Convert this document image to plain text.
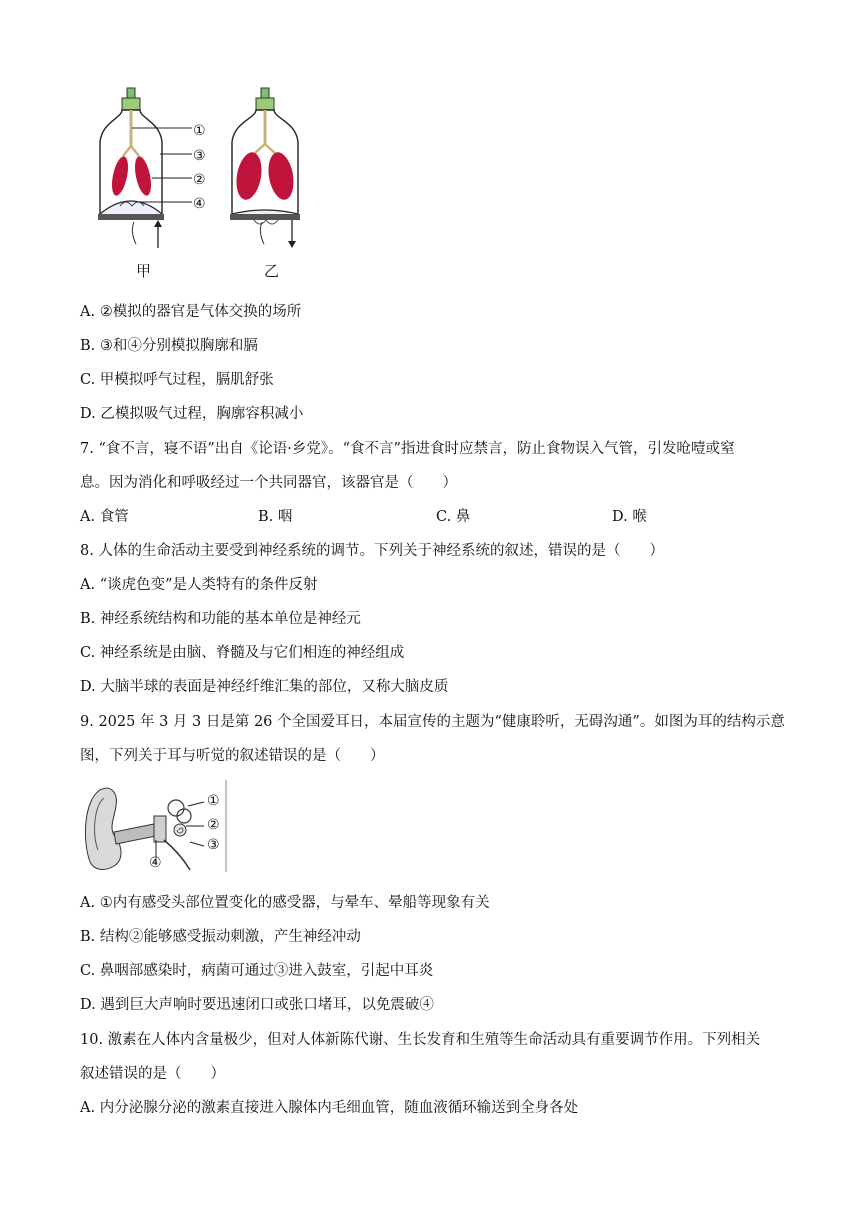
①
③
②
④
甲	乙
A. ②模拟的器官是气体交换的场所
B. ③和④分别模拟胸廓和膈
C. 甲模拟呼气过程，膈肌舒张
D. 乙模拟吸气过程，胸廓容积减小
7. “食不言，寝不语”出自《论语·乡党》。“食不言”指进食时应禁言，防止食物误入气管，引发呛噎或窒
息。因为消化和呼吸经过一个共同器官，该器官是（　　）
A. 食管	B. 咽	C. 鼻	D. 喉
8. 人体的生命活动主要受到神经系统的调节。下列关于神经系统的叙述，错误的是（　　）
A. “谈虎色变”是人类特有的条件反射
B. 神经系统结构和功能的基本单位是神经元
C. 神经系统是由脑、脊髓及与它们相连的神经组成
D. 大脑半球的表面是神经纤维汇集的部位，又称大脑皮质
9. 2025 年 3 月 3 日是第 26 个全国爱耳日，本届宣传的主题为“健康聆听，无碍沟通”。如图为耳的结构示意
图，下列关于耳与听觉的叙述错误的是（　　）
①
②
③
④
A. ①内有感受头部位置变化的感受器，与晕车、晕船等现象有关
B. 结构②能够感受振动刺激，产生神经冲动
C. 鼻咽部感染时，病菌可通过③进入鼓室，引起中耳炎
D. 遇到巨大声响时要迅速闭口或张口堵耳，以免震破④
10. 激素在人体内含量极少，但对人体新陈代谢、生长发育和生殖等生命活动具有重要调节作用。下列相关
叙述错误的是（　　）
A. 内分泌腺分泌的激素直接进入腺体内毛细血管，随血液循环输送到全身各处
